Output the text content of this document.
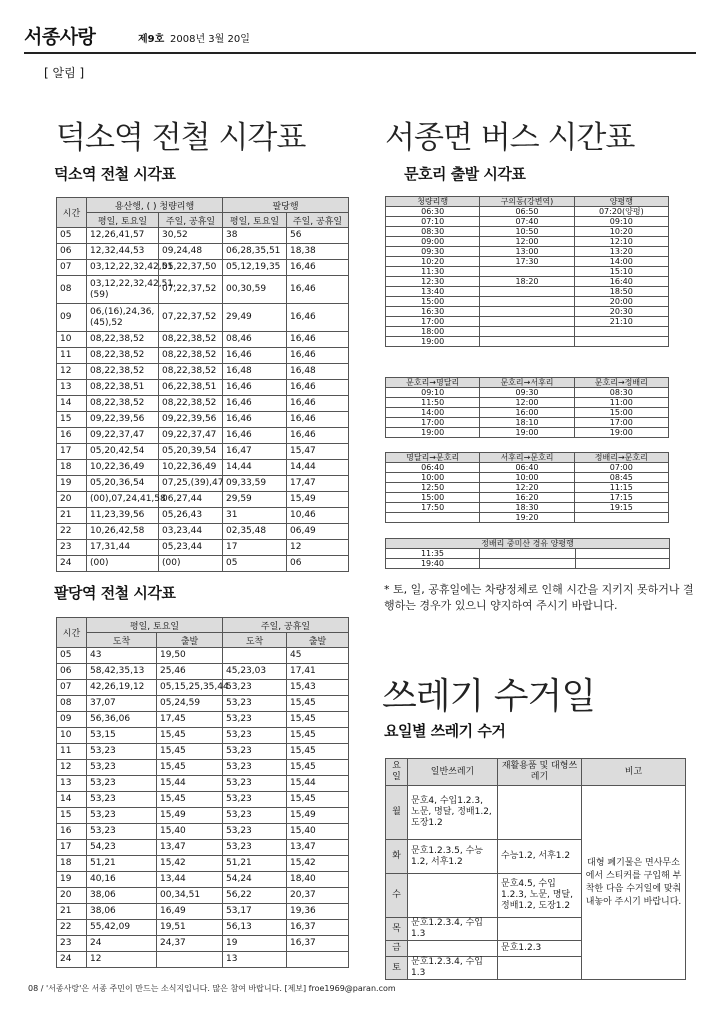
서종사랑	제9호 2008년 3월 20일
[ 알림 ]
덕소역 전철 시각표	서종면 버스 시간표
쓰레기 수거일
덕소역 전철 시각표
팔당역 전철 시각표
문호리 출발 시각표
요일별 쓰레기 수거
시간	용산행, ( ) 청량리행		팔당행	
	평일, 토요일	주일, 공휴일	평일, 토요일	주일, 공휴일
05	12,26,41,57	30,52	38	56
06	12,32,44,53	09,24,48	06,28,35,51	18,38
07	03,12,22,32,42,51	05,22,37,50	05,12,19,35	16,46
08	03,12,22,32,42,51,(59)	07,22,37,52	00,30,59	16,46
09	06,(16),24,36,(45),52	07,22,37,52	29,49	16,46
10	08,22,38,52	08,22,38,52	08,46	16,46
11	08,22,38,52	08,22,38,52	16,46	16,46
12	08,22,38,52	08,22,38,52	16,48	16,48
13	08,22,38,51	06,22,38,51	16,46	16,46
14	08,22,38,52	08,22,38,52	16,46	16,46
15	09,22,39,56	09,22,39,56	16,46	16,46
16	09,22,37,47	09,22,37,47	16,46	16,46
17	05,20,42,54	05,20,39,54	16,47	15,47
18	10,22,36,49	10,22,36,49	14,44	14,44
19	05,20,36,54	07,25,(39),47	09,33,59	17,47
20	(00),07,24,41,58	06,27,44	29,59	15,49
21	11,23,39,56	05,26,43	31	10,46
22	10,26,42,58	03,23,44	02,35,48	06,49
23	17,31,44	05,23,44	17	12
24	(00)	(00)	05	06
시간	평일, 토요일		주일, 공휴일	
	도착	출발	도착	출발
05	43	19,50		45
06	58,42,35,13	25,46	45,23,03	17,41
07	42,26,19,12	05,15,25,35,44	53,23	15,43
08	37,07	05,24,59	53,23	15,45
09	56,36,06	17,45	53,23	15,45
10	53,15	15,45	53,23	15,45
11	53,23	15,45	53,23	15,45
12	53,23	15,45	53,23	15,45
13	53,23	15,44	53,23	15,44
14	53,23	15,45	53,23	15,45
15	53,23	15,49	53,23	15,49
16	53,23	15,40	53,23	15,40
17	54,23	13,47	53,23	13,47
18	51,21	15,42	51,21	15,42
19	40,16	13,44	54,24	18,40
20	38,06	00,34,51	56,22	20,37
21	38,06	16,49	53,17	19,36
22	55,42,09	19,51	56,13	16,37
23	24	24,37	19	16,37
24	12		13	
청량리행	구의동(강변역)	양평행
06:30	06:50	07:20(양평)
07:10	07:40	09:10
08:30	10:50	10:20
09:00	12:00	12:10
09:30	13:00	13:20
10:20	17:30	14:00
11:30		15:10
12:30	18:20	16:40
13:40		18:50
15:00		20:00
16:30		20:30
17:00		21:10
18:00		
19:00		
문호리→명달리	문호리→서후리	문호리→정배리
09:10	09:30	08:30
11:50	12:00	11:00
14:00	16:00	15:00
17:00	18:10	17:00
19:00	19:00	19:00
명달리→문호리	서후리→문호리	정배리→문호리
06:40	06:40	07:00
10:00	10:00	08:45
12:50	12:20	11:15
15:00	16:20	17:15
17:50	18:30	19:15
	19:20	
정배리 중미산 경유 양평행		
11:35		
19:40		
* 토, 일, 공휴일에는 차량정체로 인해 시간을 지키지 못하거나 결행하는 경우가 있으니 양지하여 주시기 바랍니다.
요일	일반쓰레기	재활용품 및 대형쓰레기	비고
월	문호4, 수입1.2.3, 노문, 명달, 정배1.2, 도장1.2		대형 폐기물은 면사무소에서 스티커를 구입해 부착한 다음 수거일에 맞춰 내놓아 주시기 바랍니다.
화	문호1.2.3.5, 수능1.2, 서후1.2	수능1.2, 서후1.2	
수		문호4.5, 수입1.2.3, 노문, 명달, 정배1.2, 도장1.2	
목	문호1.2.3.4, 수입1.3		
금		문호1.2.3	
토	문호1.2.3.4, 수입1.3		
08 / '서종사랑'은 서종 주민이 만드는 소식지입니다. 많은 참여 바랍니다. [제보] froe1969@paran.com
